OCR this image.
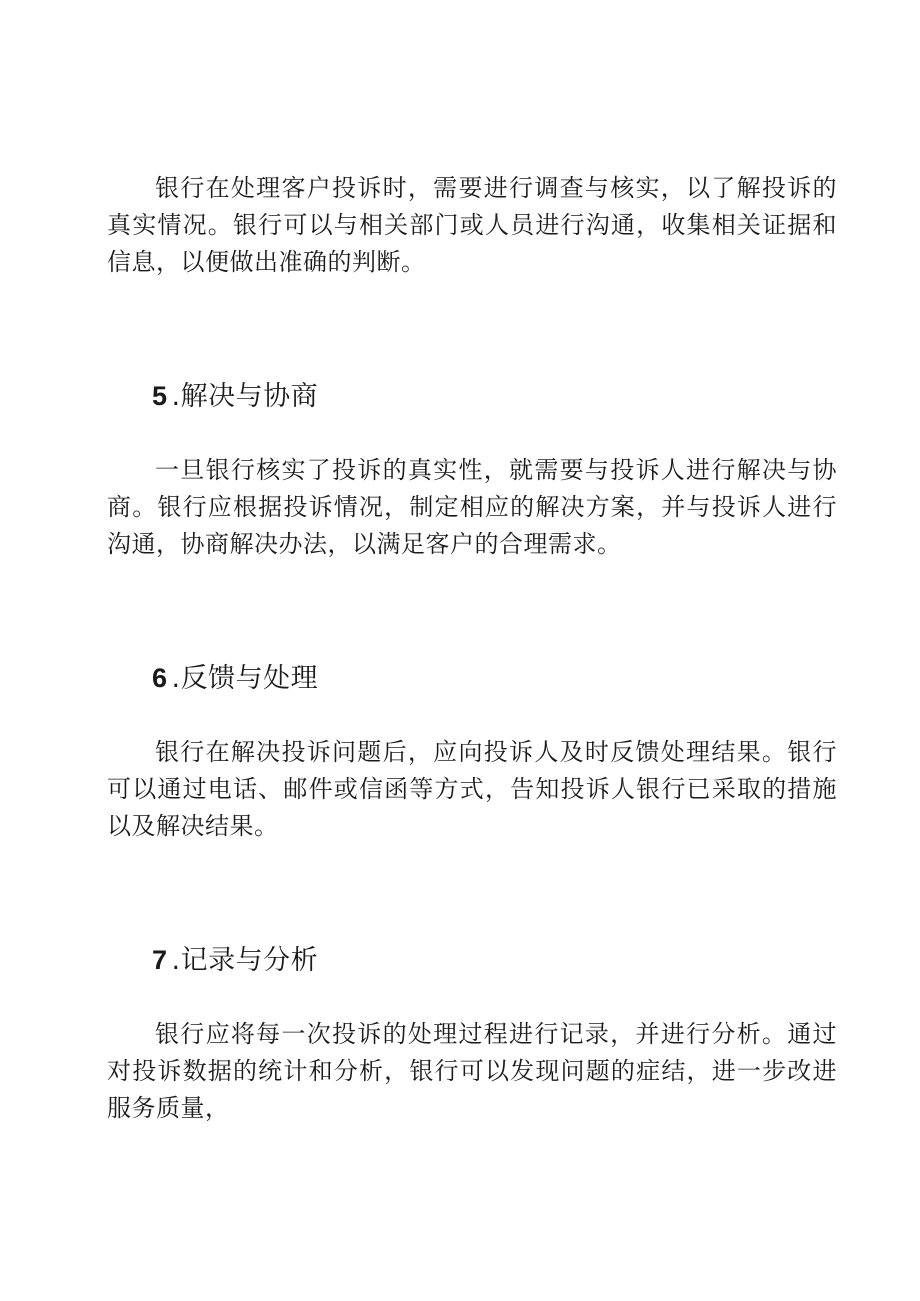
银行在处理客户投诉时，需要进行调查与核实，以了解投诉的真实情况。银行可以与相关部门或人员进行沟通，收集相关证据和信息，以便做出准确的判断。

5 .解决与协商

一旦银行核实了投诉的真实性，就需要与投诉人进行解决与协商。银行应根据投诉情况，制定相应的解决方案，并与投诉人进行沟通，协商解决办法，以满足客户的合理需求。

6 .反馈与处理

银行在解决投诉问题后，应向投诉人及时反馈处理结果。银行可以通过电话、邮件或信函等方式，告知投诉人银行已采取的措施以及解决结果。

7 .记录与分析

银行应将每一次投诉的处理过程进行记录，并进行分析。通过对投诉数据的统计和分析，银行可以发现问题的症结，进一步改进服务质量，
